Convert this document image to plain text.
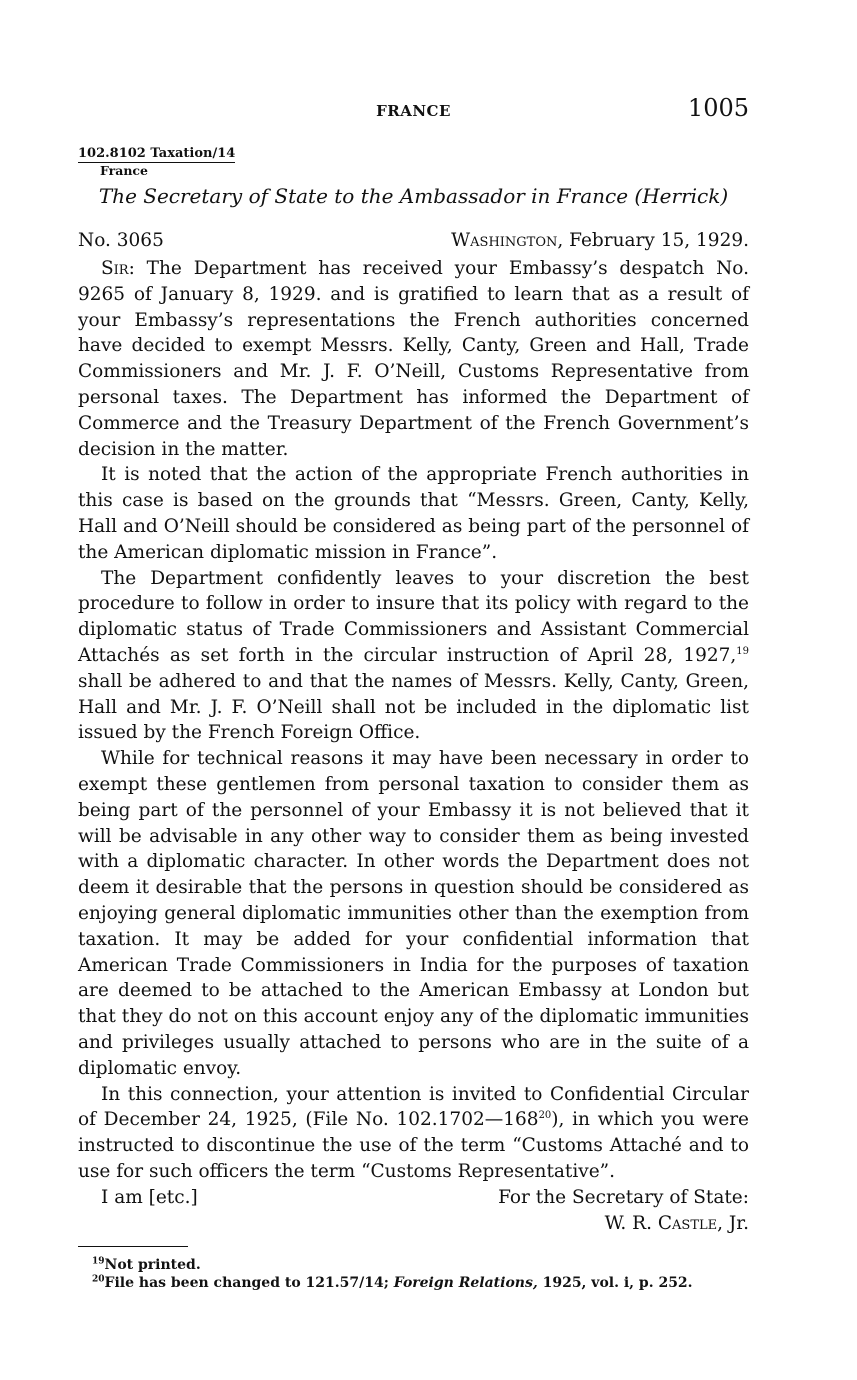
FRANCE	1005
102.8102 Taxation/14
France
The Secretary of State to the Ambassador in France (Herrick)
No. 3065	Washington, February 15, 1929.

Sir: The Department has received your Embassy’s despatch No. 9265 of January 8, 1929. and is gratified to learn that as a result of your Embassy’s representations the French authorities concerned have decided to exempt Messrs. Kelly, Canty, Green and Hall, Trade Commissioners and Mr. J. F. O’Neill, Customs Representative from personal taxes. The Department has informed the Department of Commerce and the Treasury Department of the French Government’s decision in the matter.

It is noted that the action of the appropriate French authorities in this case is based on the grounds that “Messrs. Green, Canty, Kelly, Hall and O’Neill should be considered as being part of the personnel of the American diplomatic mission in France”.

The Department confidently leaves to your discretion the best procedure to follow in order to insure that its policy with regard to the diplomatic status of Trade Commissioners and Assistant Commercial Attachés as set forth in the circular instruction of April 28, 1927,19 shall be adhered to and that the names of Messrs. Kelly, Canty, Green, Hall and Mr. J. F. O’Neill shall not be included in the diplomatic list issued by the French Foreign Office.

While for technical reasons it may have been necessary in order to exempt these gentlemen from personal taxation to consider them as being part of the personnel of your Embassy it is not believed that it will be advisable in any other way to consider them as being invested with a diplomatic character. In other words the Department does not deem it desirable that the persons in question should be considered as enjoying general diplomatic immunities other than the exemption from taxation. It may be added for your confidential information that American Trade Commissioners in India for the purposes of taxation are deemed to be attached to the American Embassy at London but that they do not on this account enjoy any of the diplomatic immunities and privileges usually attached to persons who are in the suite of a diplomatic envoy.

In this connection, your attention is invited to Confidential Circular of December 24, 1925, (File No. $102.1702—168^{20}$), in which you were instructed to discontinue the use of the term “Customs Attaché and to use for such officers the term “Customs Representative”.

I am [etc.]	For the Secretary of State:
W. R. Castle, Jr.
$^{19}$Not printed.
$^{20}$File has been changed to 121.57/14; Foreign Relations, 1925, vol. i, p. 252.
